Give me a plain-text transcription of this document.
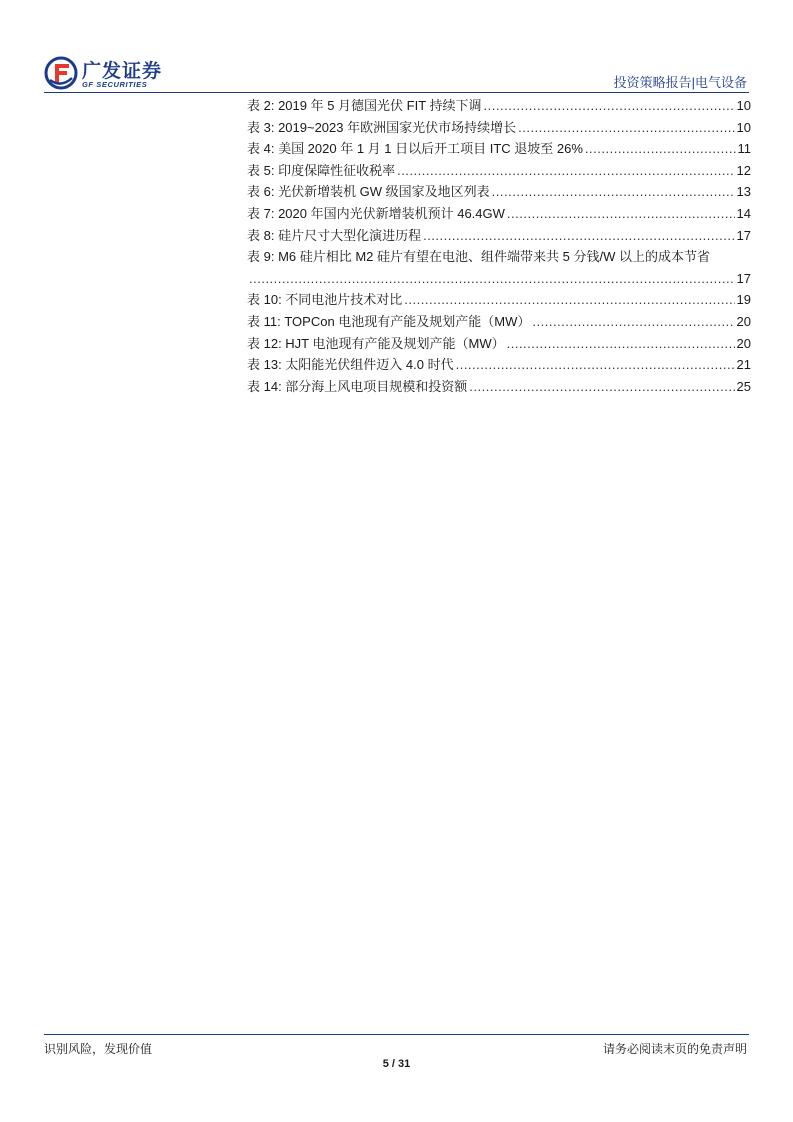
广发证券
GF SECURITIES	投资策略报告|电气设备
表 2: 2019 年 5 月德国光伏 FIT 持续下调 .....	10
表 3: 2019~2023 年欧洲国家光伏市场持续增长 .....	10
表 4: 美国 2020 年 1 月 1 日以后开工项目 ITC 退坡至 26% .....	11
表 5: 印度保障性征收税率 .....	12
表 6: 光伏新增装机 GW 级国家及地区列表 .....	13
表 7: 2020 年国内光伏新增装机预计 46.4GW .....	14
表 8: 硅片尺寸大型化演进历程 .....	17
表 9: M6 硅片相比 M2 硅片有望在电池、组件端带来共 5 分钱/W 以上的成本节省
.....
17
表 10: 不同电池片技术对比 .....	19
表 11: TOPCon 电池现有产能及规划产能（MW） .....	20
表 12: HJT 电池现有产能及规划产能（MW） .....	20
表 13: 太阳能光伏组件迈入 4.0 时代 .....	21
表 14: 部分海上风电项目规模和投资额 .....	25
识别风险，发现价值	请务必阅读末页的免责声明
5 / 31
